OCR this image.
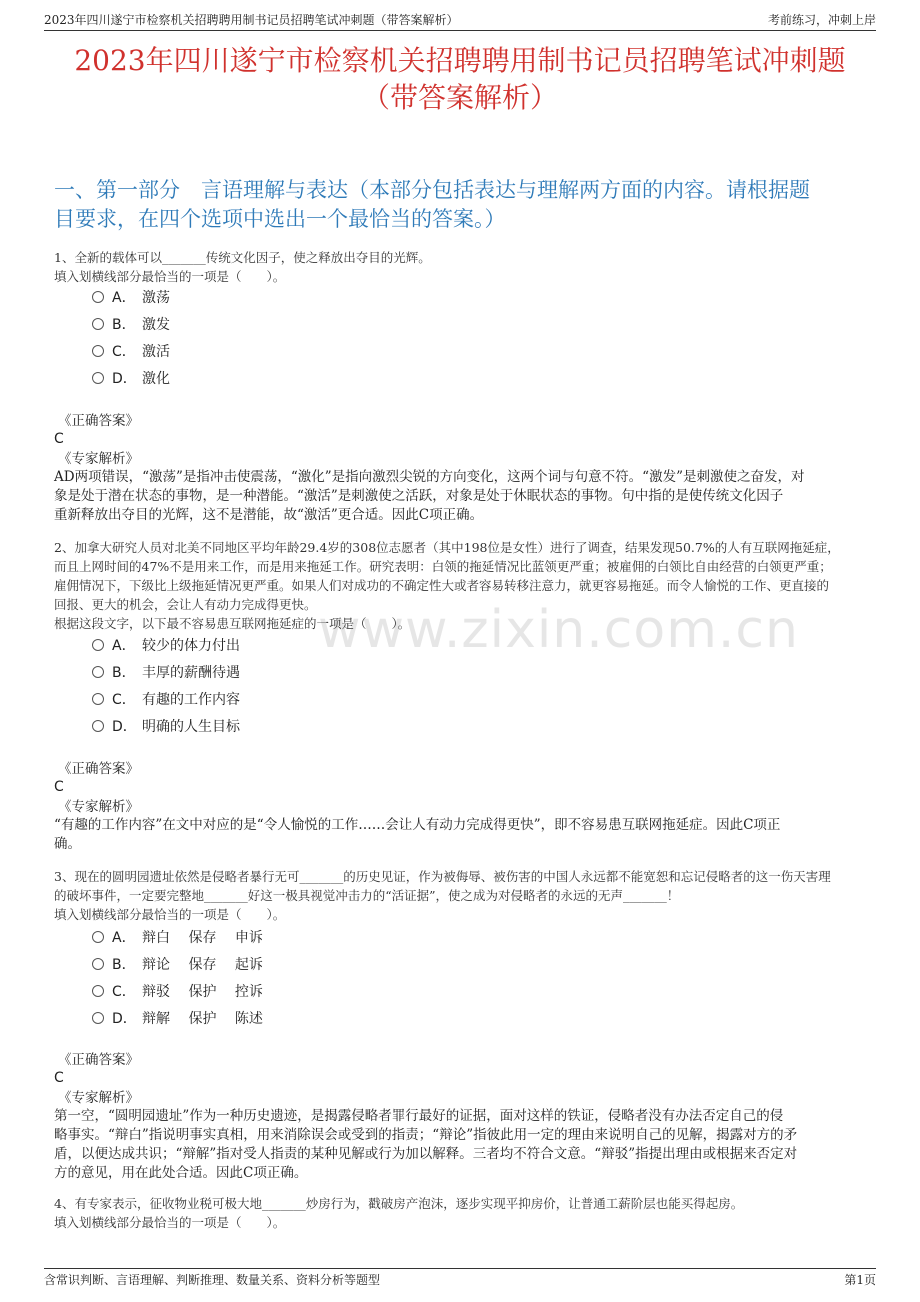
2023年四川遂宁市检察机关招聘聘用制书记员招聘笔试冲刺题（带答案解析）	考前练习，冲刺上岸
2023年四川遂宁市检察机关招聘聘用制书记员招聘笔试冲刺题
（带答案解析）
一、第一部分　言语理解与表达（本部分包括表达与理解两方面的内容。请根据题
目要求，在四个选项中选出一个最恰当的答案。）
www.zixin.com.cn
1、全新的载体可以_______传统文化因子，使之释放出夺目的光辉。
填入划横线部分最恰当的一项是（　　）。
A． 激荡
B． 激发
C． 激活
D． 激化
《正确答案》
C
《专家解析》
AD两项错误，“激荡”是指冲击使震荡，“激化”是指向激烈尖锐的方向变化，这两个词与句意不符。“激发”是刺激使之奋发，对
象是处于潜在状态的事物，是一种潜能。“激活”是刺激使之活跃，对象是处于休眠状态的事物。句中指的是使传统文化因子
重新释放出夺目的光辉，这不是潜能，故“激活”更合适。因此C项正确。
2、加拿大研究人员对北美不同地区平均年龄29.4岁的308位志愿者（其中198位是女性）进行了调查，结果发现50.7%的人有互联网拖延症，
而且上网时间的47%不是用来工作，而是用来拖延工作。研究表明：白领的拖延情况比蓝领更严重；被雇佣的白领比自由经营的白领更严重；
雇佣情况下，下级比上级拖延情况更严重。如果人们对成功的不确定性大或者容易转移注意力，就更容易拖延。而令人愉悦的工作、更直接的
回报、更大的机会，会让人有动力完成得更快。
根据这段文字，以下最不容易患互联网拖延症的一项是（　　）。
A． 较少的体力付出
B． 丰厚的薪酬待遇
C． 有趣的工作内容
D． 明确的人生目标
《正确答案》
C
《专家解析》
“有趣的工作内容”在文中对应的是“令人愉悦的工作……会让人有动力完成得更快”，即不容易患互联网拖延症。因此C项正
确。
3、现在的圆明园遗址依然是侵略者暴行无可_______的历史见证，作为被侮辱、被伤害的中国人永远都不能宽恕和忘记侵略者的这一伤天害理
的破坏事件，一定要完整地_______好这一极具视觉冲击力的“活证据”，使之成为对侵略者的永远的无声_______！
填入划横线部分最恰当的一项是（　　）。
A． 辩白　 保存　 申诉
B． 辩论　 保存　 起诉
C． 辩驳　 保护　 控诉
D． 辩解　 保护　 陈述
《正确答案》
C
《专家解析》
第一空，“圆明园遗址”作为一种历史遗迹，是揭露侵略者罪行最好的证据，面对这样的铁证，侵略者没有办法否定自己的侵
略事实。“辩白”指说明事实真相，用来消除误会或受到的指责；“辩论”指彼此用一定的理由来说明自己的见解，揭露对方的矛
盾，以便达成共识；“辩解”指对受人指责的某种见解或行为加以解释。三者均不符合文意。“辩驳”指提出理由或根据来否定对
方的意见，用在此处合适。因此C项正确。
4、有专家表示，征收物业税可极大地_______炒房行为，戳破房产泡沫，逐步实现平抑房价，让普通工薪阶层也能买得起房。
填入划横线部分最恰当的一项是（　　）。
含常识判断、言语理解、判断推理、数量关系、资料分析等题型	第1页
